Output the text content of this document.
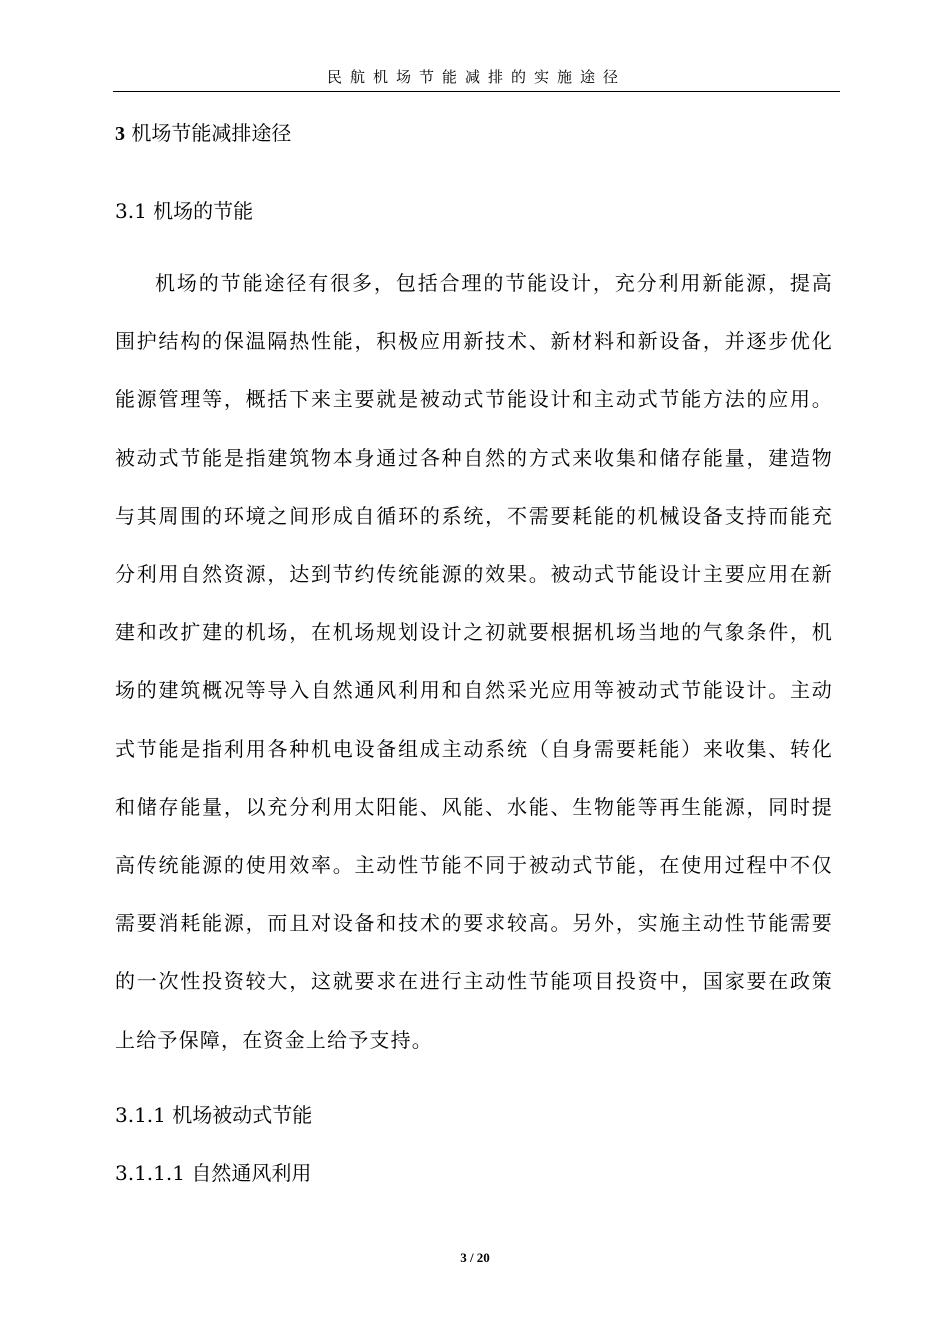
民航机场节能减排的实施途径
3 机场节能减排途径
3.1 机场的节能

机场的节能途径有很多，包括合理的节能设计，充分利用新能源，提高围护结构的保温隔热性能，积极应用新技术、新材料和新设备，并逐步优化能源管理等，概括下来主要就是被动式节能设计和主动式节能方法的应用。被动式节能是指建筑物本身通过各种自然的方式来收集和储存能量，建造物与其周围的环境之间形成自循环的系统，不需要耗能的机械设备支持而能充分利用自然资源，达到节约传统能源的效果。被动式节能设计主要应用在新建和改扩建的机场，在机场规划设计之初就要根据机场当地的气象条件，机场的建筑概况等导入自然通风利用和自然采光应用等被动式节能设计。主动式节能是指利用各种机电设备组成主动系统（自身需要耗能）来收集、转化和储存能量，以充分利用太阳能、风能、水能、生物能等再生能源，同时提高传统能源的使用效率。主动性节能不同于被动式节能，在使用过程中不仅需要消耗能源，而且对设备和技术的要求较高。另外，实施主动性节能需要的一次性投资较大，这就要求在进行主动性节能项目投资中，国家要在政策上给予保障，在资金上给予支持。

3.1.1 机场被动式节能
3.1.1.1 自然通风利用
3 / 20
